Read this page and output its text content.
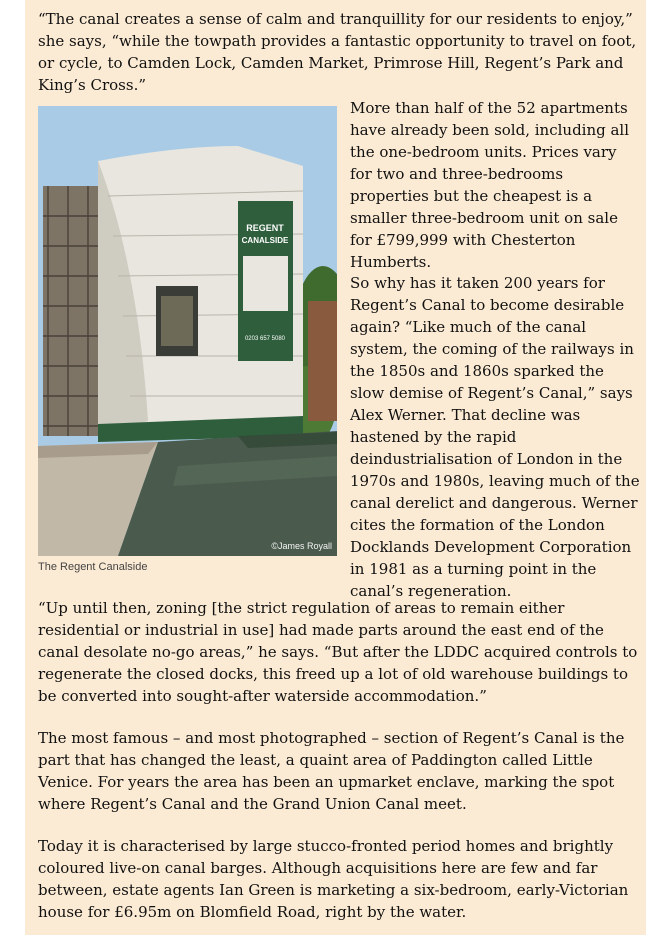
“The canal creates a sense of calm and tranquillity for our residents to enjoy,” she says, “while the towpath provides a fantastic opportunity to travel on foot, or cycle, to Camden Lock, Camden Market, Primrose Hill, Regent’s Park and King’s Cross.”

REGENT
CANALSIDE
0203 657 5080
©James Royall
The Regent Canalside

More than half of the 52 apartments have already been sold, including all the one-bedroom units. Prices vary for two and three-bedrooms properties but the cheapest is a smaller three-bedroom unit on sale for £799,999 with Chesterton Humberts.

So why has it taken 200 years for Regent’s Canal to become desirable again? “Like much of the canal system, the coming of the railways in the 1850s and 1860s sparked the slow demise of Regent’s Canal,” says Alex Werner. That decline was hastened by the rapid deindustrialisation of London in the 1970s and 1980s, leaving much of the canal derelict and dangerous. Werner cites the formation of the London Docklands Development Corporation in 1981 as a turning point in the canal’s regeneration.

“Up until then, zoning [the strict regulation of areas to remain either residential or industrial in use] had made parts around the east end of the canal desolate no-go areas,” he says. “But after the LDDC acquired controls to regenerate the closed docks, this freed up a lot of old warehouse buildings to be converted into sought-after waterside accommodation.”

The most famous – and most photographed – section of Regent’s Canal is the part that has changed the least, a quaint area of Paddington called Little Venice. For years the area has been an upmarket enclave, marking the spot where Regent’s Canal and the Grand Union Canal meet.

Today it is characterised by large stucco-fronted period homes and brightly coloured live-on canal barges. Although acquisitions here are few and far between, estate agents Ian Green is marketing a six-bedroom, early-Victorian house for £6.95m on Blomfield Road, right by the water.
